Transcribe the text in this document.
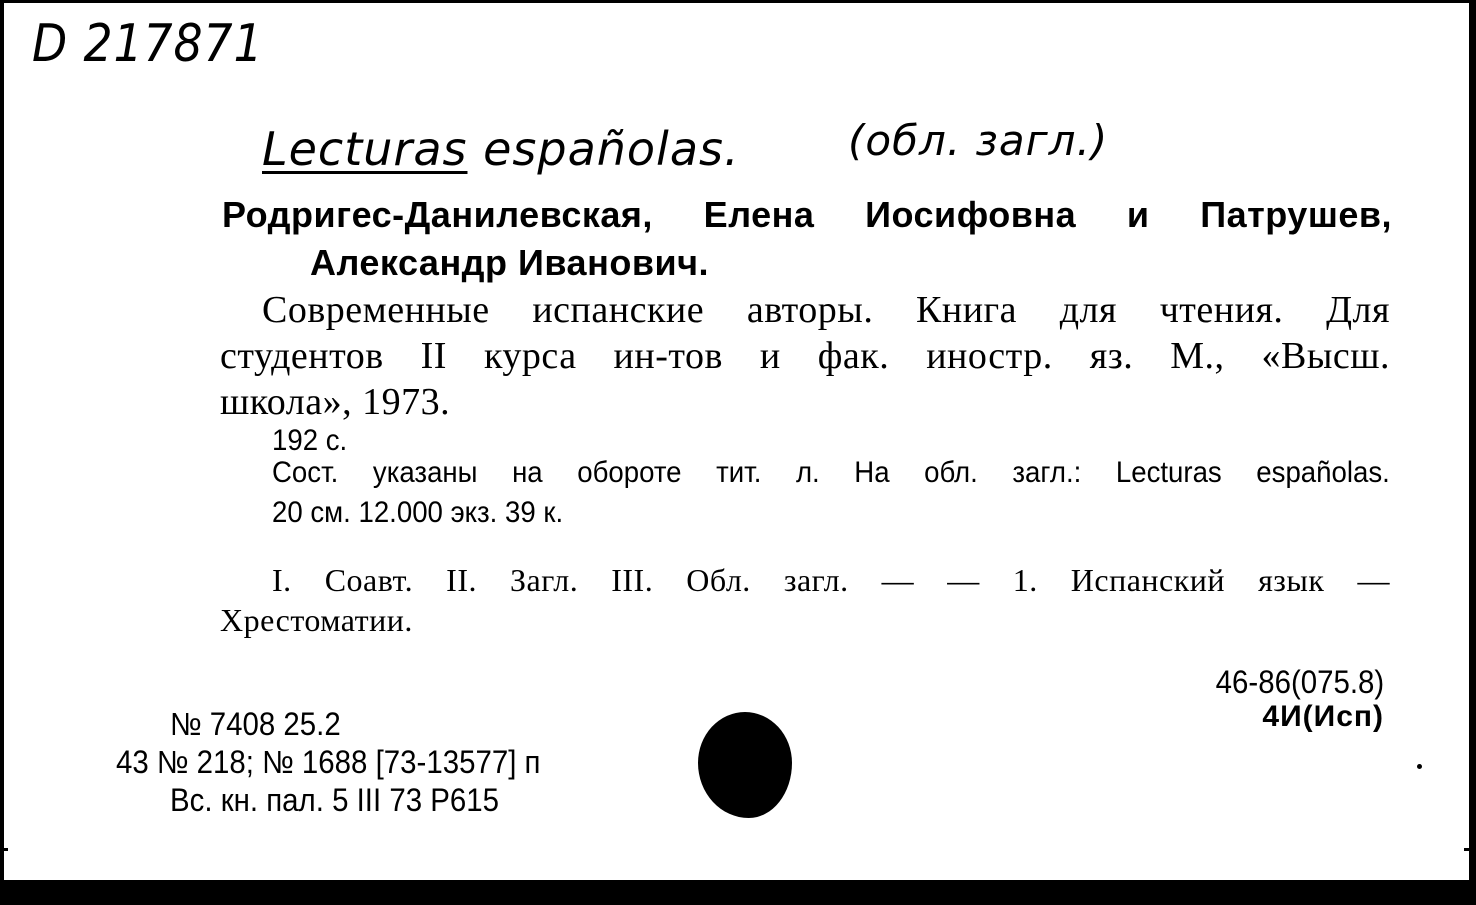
D 217871
Lecturas españolas.	(обл. загл.)
Родригес-Данилевская, Елена Иосифовна и Патрушев,
Александр Иванович.
Современные испанские авторы. Книга для чтения. Для
студентов II курса ин-тов и фак. иностр. яз. М., «Высш.
школа», 1973.
192 с.
Сост. указаны на обороте тит. л. На обл. загл.: Lecturas españolas.
20 см. 12.000 экз. 39 к.
I. Соавт. II. Загл. III. Обл. загл. — — 1. Испанский язык —
Хрестоматии.
46-86(075.8)
4И(Исп)
№ 7408 25.2
43 № 218; № 1688 [73-13577] п
Вс. кн. пал. 5 III 73 Р615
